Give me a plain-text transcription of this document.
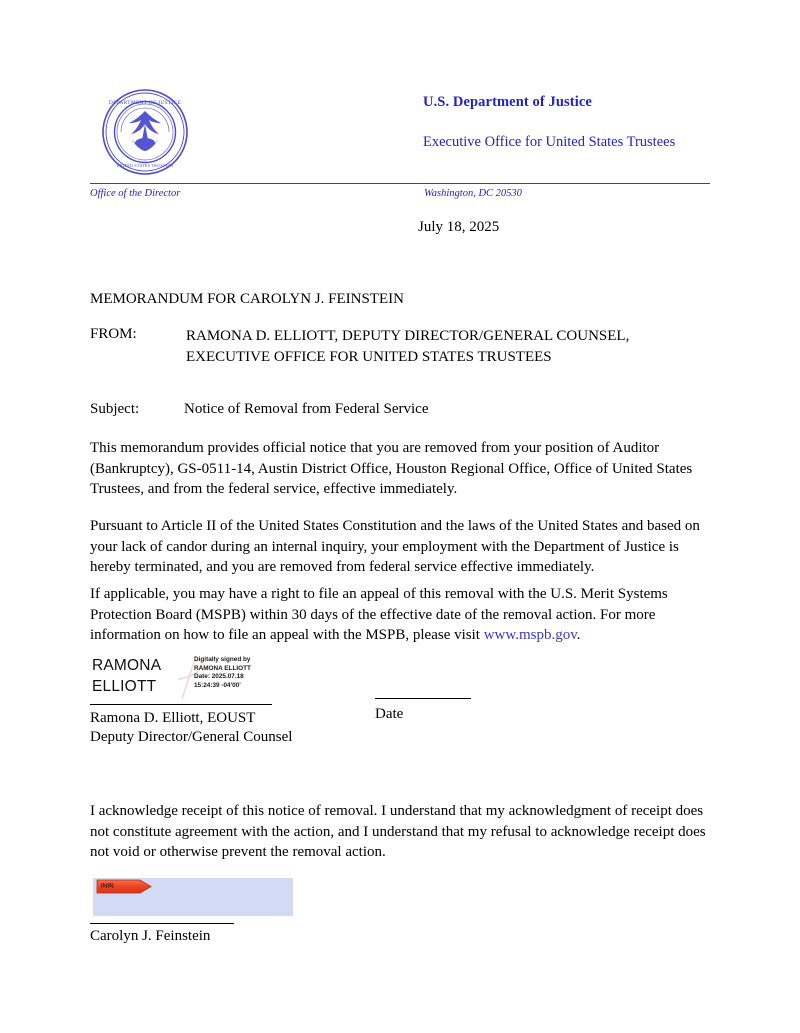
DEPARTMENT OF JUSTICE
UNITED STATES TRUSTEES
U.S. Department of Justice
Executive Office for United States Trustees
Office of the Director	Washington, DC 20530
July 18, 2025
MEMORANDUM FOR CAROLYN J. FEINSTEIN
FROM:	RAMONA D. ELLIOTT, DEPUTY DIRECTOR/GENERAL COUNSEL, EXECUTIVE OFFICE FOR UNITED STATES TRUSTEES
Subject:	Notice of Removal from Federal Service
This memorandum provides official notice that you are removed from your position of Auditor (Bankruptcy), GS-0511-14, Austin District Office, Houston Regional Office, Office of United States Trustees, and from the federal service, effective immediately.
Pursuant to Article II of the United States Constitution and the laws of the United States and based on your lack of candor during an internal inquiry, your employment with the Department of Justice is hereby terminated, and you are removed from federal service effective immediately.
If applicable, you may have a right to file an appeal of this removal with the U.S. Merit Systems Protection Board (MSPB) within 30 days of the effective date of the removal action. For more information on how to file an appeal with the MSPB, please visit www.mspb.gov.
RAMONA
ELLIOTT
Digitally signed by
RAMONA ELLIOTT
Date: 2025.07.18
15:24:39 -04'00'
Ramona D. Elliott, EOUST
Deputy Director/General Counsel
Date
I acknowledge receipt of this notice of removal. I understand that my acknowledgment of receipt does not constitute agreement with the action, and I understand that my refusal to acknowledge receipt does not void or otherwise prevent the removal action.
(b)(6)
Carolyn J. Feinstein
